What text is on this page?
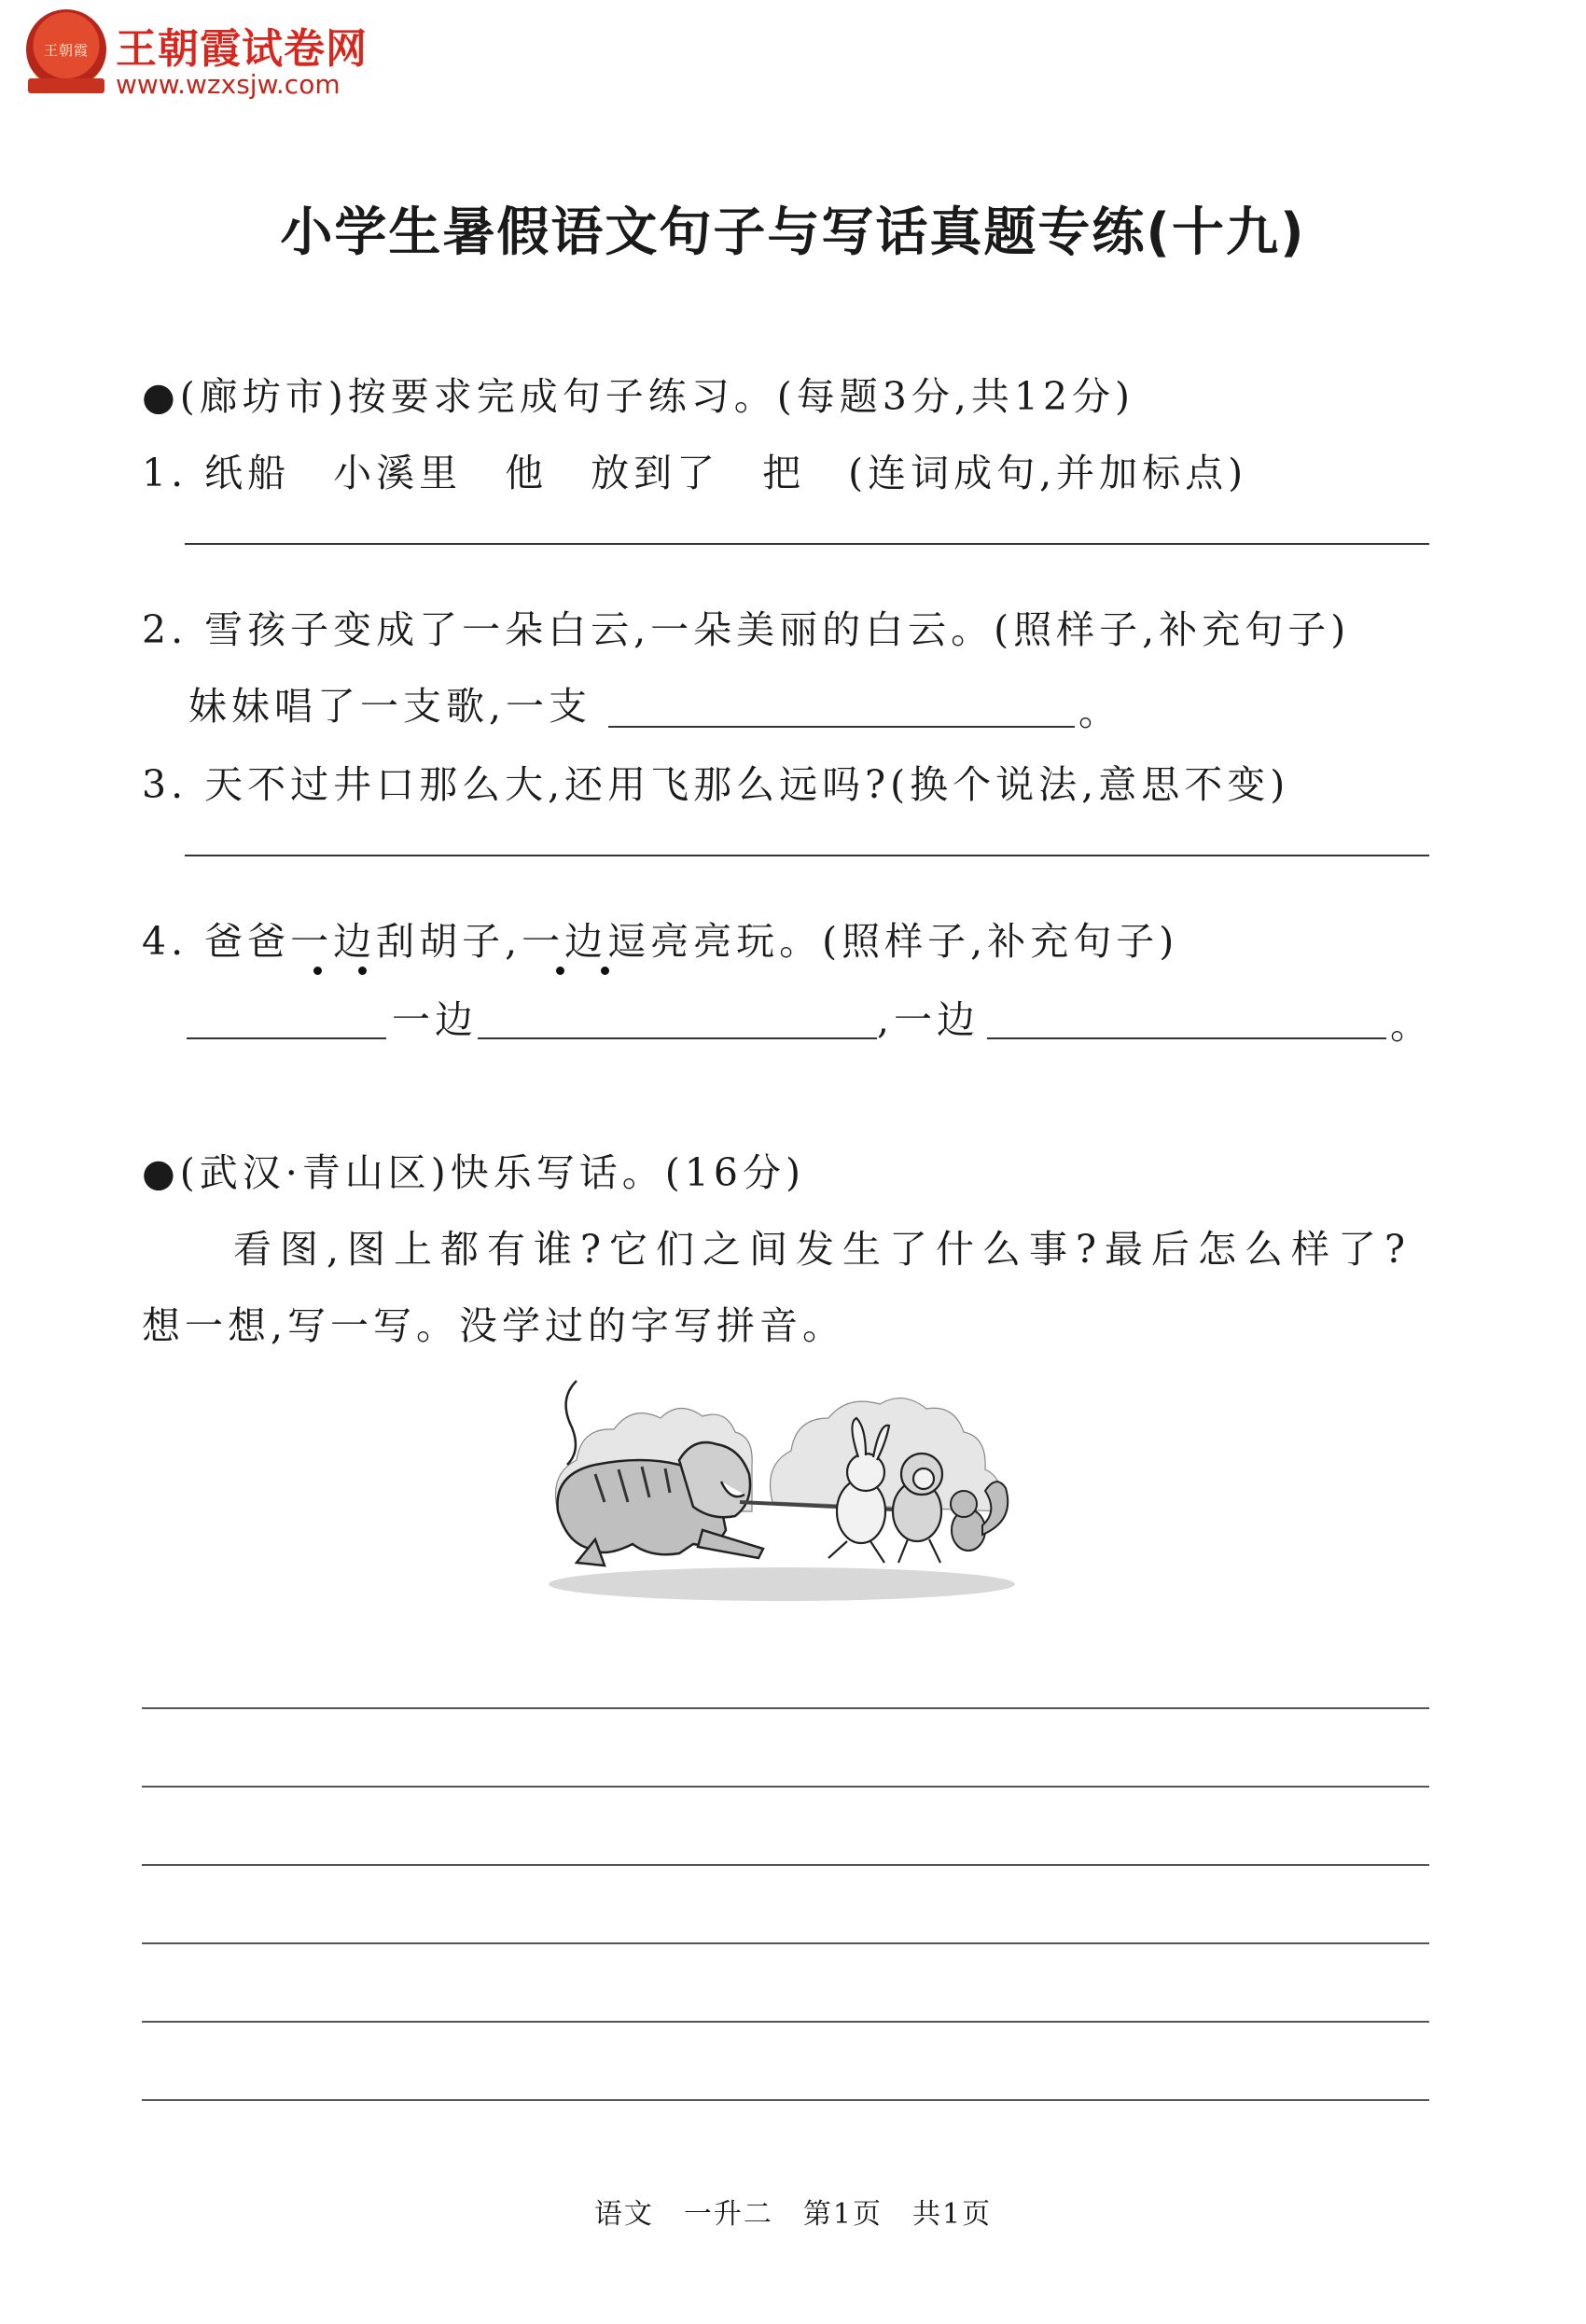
王朝霞 王朝霞试卷网
www.wzxsjw.com
小学生暑假语文句子与写话真题专练(十九)
●(廊坊市)按要求完成句子练习。(每题3分,共12分)
1. 纸船　小溪里　他　放到了　把　(连词成句,并加标点)
2. 雪孩子变成了一朵白云,一朵美丽的白云。(照样子,补充句子)
妹妹唱了一支歌,一支	。
3. 天不过井口那么大,还用飞那么远吗?(换个说法,意思不变)
4. 爸爸一边刮胡子,一边逗亮亮玩。(照样子,补充句子)
一边	,一边	。
●(武汉·青山区)快乐写话。(16分)
看图,图上都有谁?它们之间发生了什么事?最后怎么样了?
想一想,写一写。没学过的字写拼音。
语文　一升二　第1页　共1页
